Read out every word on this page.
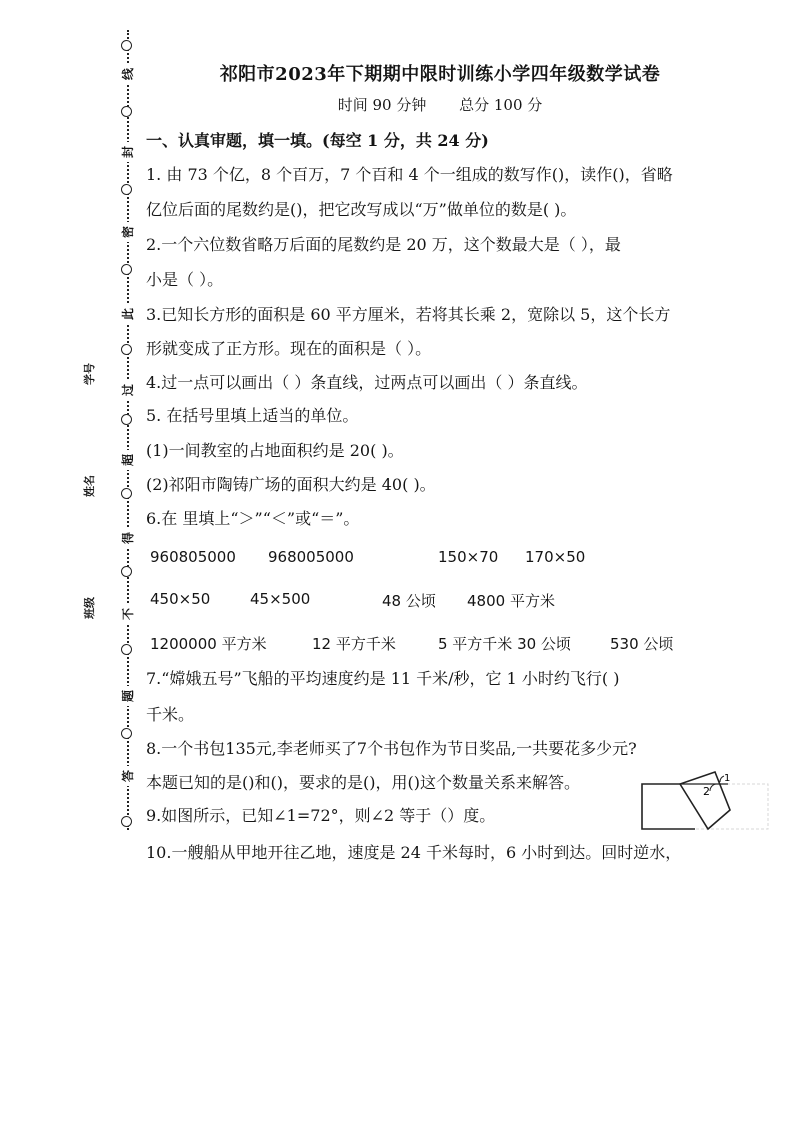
线
封
密
此
过
超
得
不
题
答
学号
姓名
班级
祁阳市2023年下期期中限时训练小学四年级数学试卷
时间 90 分钟 总分 100 分
一、认真审题，填一填。(每空 1 分，共 24 分)
1. 由 73 个亿，8 个百万，7 个百和 4 个一组成的数写作()，读作()，省略
亿位后面的尾数约是()，把它改写成以“万”做单位的数是( )。
2.一个六位数省略万后面的尾数约是 20 万，这个数最大是（ ），最
小是（ ）。
3.已知长方形的面积是 60 平方厘米，若将其长乘 2，宽除以 5，这个长方
形就变成了正方形。现在的面积是（ ）。
4.过一点可以画出（ ）条直线，过两点可以画出（ ）条直线。
5. 在括号里填上适当的单位。
(1)一间教室的占地面积约是 20( )。
(2)祁阳市陶铸广场的面积大约是 40( )。
6.在 里填上“＞”“＜”或“＝”。
960805000 968005000	150×70 170×50
450×50	45×500	48 公顷 4800 平方米
1200000 平方米	12 平方千米	5 平方千米 30 公顷	530 公顷
7.“嫦娥五号”飞船的平均速度约是 11 千米/秒，它 1 小时约飞行( )
千米。
8.一个书包135元,李老师买了7个书包作为节日奖品,一共要花多少元?
本题已知的是()和()，要求的是()，用()这个数量关系来解答。
9.如图所示，已知∠1=72°，则∠2 等于（）度。
10.一艘船从甲地开往乙地，速度是 24 千米每时，6 小时到达。回时逆水，
1
2
